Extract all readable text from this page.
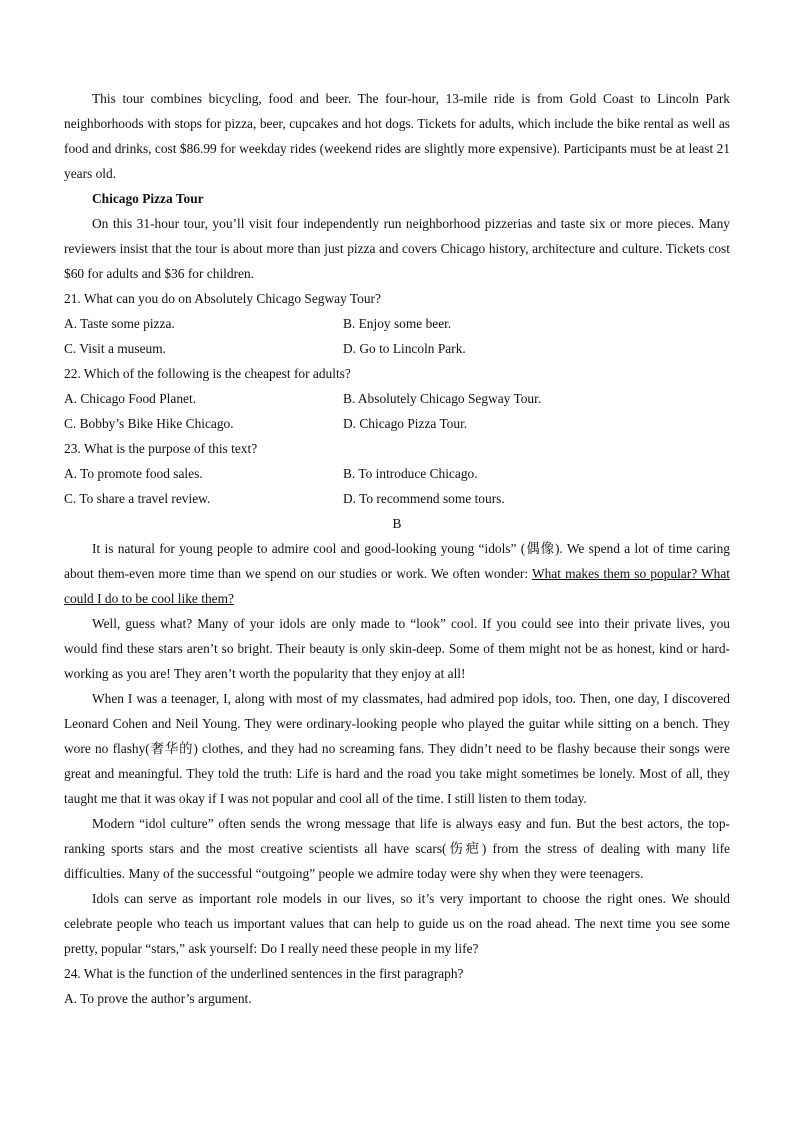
This tour combines bicycling, food and beer. The four-hour, 13-mile ride is from Gold Coast to Lincoln Park neighborhoods with stops for pizza, beer, cupcakes and hot dogs. Tickets for adults, which include the bike rental as well as food and drinks, cost $86.99 for weekday rides (weekend rides are slightly more expensive). Participants must be at least 21 years old.

Chicago Pizza Tour

On this 31-hour tour, you’ll visit four independently run neighborhood pizzerias and taste six or more pieces. Many reviewers insist that the tour is about more than just pizza and covers Chicago history, architecture and culture. Tickets cost $60 for adults and $36 for children.

21. What can you do on Absolutely Chicago Segway Tour?

A. Taste some pizza.	B. Enjoy some beer.
C. Visit a museum.	D. Go to Lincoln Park.

22. Which of the following is the cheapest for adults?

A. Chicago Food Planet.	B. Absolutely Chicago Segway Tour.
C. Bobby’s Bike Hike Chicago.	D. Chicago Pizza Tour.

23. What is the purpose of this text?

A. To promote food sales.	B. To introduce Chicago.
C. To share a travel review.	D. To recommend some tours.

B

It is natural for young people to admire cool and good-looking young “idols” (偶像). We spend a lot of time caring about them-even more time than we spend on our studies or work. We often wonder: What makes them so popular? What could I do to be cool like them?

Well, guess what? Many of your idols are only made to “look” cool. If you could see into their private lives, you would find these stars aren’t so bright. Their beauty is only skin-deep. Some of them might not be as honest, kind or hard-working as you are! They aren’t worth the popularity that they enjoy at all!

When I was a teenager, I, along with most of my classmates, had admired pop idols, too. Then, one day, I discovered Leonard Cohen and Neil Young. They were ordinary-looking people who played the guitar while sitting on a bench. They wore no flashy(奢华的) clothes, and they had no screaming fans. They didn’t need to be flashy because their songs were great and meaningful. They told the truth: Life is hard and the road you take might sometimes be lonely. Most of all, they taught me that it was okay if I was not popular and cool all of the time. I still listen to them today.

Modern “idol culture” often sends the wrong message that life is always easy and fun. But the best actors, the top-ranking sports stars and the most creative scientists all have scars(伤疤) from the stress of dealing with many life difficulties. Many of the successful “outgoing” people we admire today were shy when they were teenagers.

Idols can serve as important role models in our lives, so it’s very important to choose the right ones. We should celebrate people who teach us important values that can help to guide us on the road ahead. The next time you see some pretty, popular “stars,” ask yourself: Do I really need these people in my life?

24. What is the function of the underlined sentences in the first paragraph?

A. To prove the author’s argument.
